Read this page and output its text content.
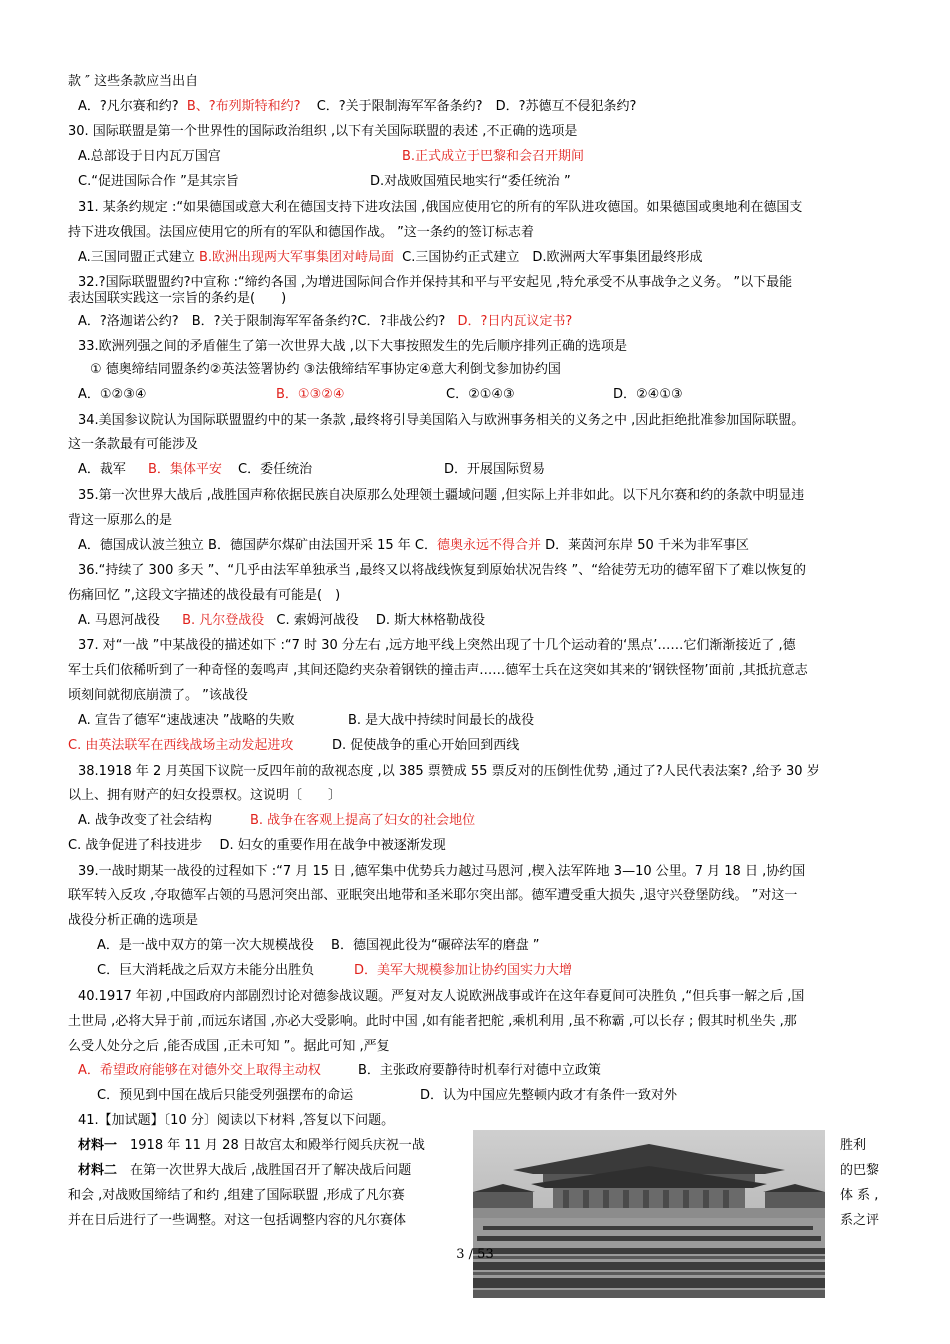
款 ″ 这些条款应当出自
A．?凡尔赛和约? B、?布列斯特和约? C．?关于限制海军军备条约?　D．?苏德互不侵犯条约?
30. 国际联盟是第一个世界性的国际政治组织 ,以下有关国际联盟的表述 ,不正确的选项是
A.总部设于日内瓦万国宫	B.正式成立于巴黎和会召开期间
C.“促进国际合作 ”是其宗旨	D.对战败国殖民地实行“委任统治 ”
31. 某条约规定 :“如果德国或意大利在德国支持下进攻法国 ,俄国应使用它的所有的军队进攻德国。如果德国或奥地利在德国支
持下进攻俄国。法国应使用它的所有的军队和德国作战。 ”这一条约的签订标志着
A.三国同盟正式建立 B.欧洲出现两大军事集团对峙局面 C.三国协约正式建立　D.欧洲两大军事集团最终形成
32.?国际联盟盟约?中宣称 :“缔约各国 ,为增进国际间合作并保持其和平与平安起见 ,特允承受不从事战争之义务。 ”以下最能
表达国联实践这一宗旨的条约是(　　)
A．?洛迦诺公约?　B．?关于限制海军军备条约?C．?非战公约? D．?日内瓦议定书?
33.欧洲列强之间的矛盾催生了第一次世界大战 ,以下大事按照发生的先后顺序排列正确的选项是
① 德奥缔结同盟条约②英法签署协约 ③法俄缔结军事协定④意大利倒戈参加协约国
A．①②③④	B．①③②④	C．②①④③	D．②④①③
34.美国参议院认为国际联盟盟约中的某一条款 ,最终将引导美国陷入与欧洲事务相关的义务之中 ,因此拒绝批准参加国际联盟。
这一条款最有可能涉及
A．裁军 B．集体平安 C．委任统治	D．开展国际贸易
35.第一次世界大战后 ,战胜国声称依据民族自决原那么处理领土疆域问题 ,但实际上并非如此。以下凡尔赛和约的条款中明显违
背这一原那么的是
A．德国成认波兰独立 B．德国萨尔煤矿由法国开采 15 年 C．德奥永远不得合并 D．莱茵河东岸 50 千米为非军事区
36.“持续了 300 多天 ”、“几乎由法军单独承当 ,最终又以将战线恢复到原始状况告终 ”、“给徒劳无功的德军留下了难以恢复的
伤痛回忆 ”,这段文字描述的战役最有可能是(　)
A. 马恩河战役 B. 凡尔登战役 C. 索姆河战役　 D. 斯大林格勒战役
37. 对“一战 ”中某战役的描述如下 :“7 时 30 分左右 ,远方地平线上突然出现了十几个运动着的‘黑点’……它们渐渐接近了 ,德
军士兵们依稀听到了一种奇怪的轰鸣声 ,其间还隐约夹杂着钢铁的撞击声……德军士兵在这突如其来的‘钢铁怪物’面前 ,其抵抗意志
顷刻间就彻底崩溃了。 ”该战役
A. 宣告了德军“速战速决 ”战略的失败	B. 是大战中持续时间最长的战役
C. 由英法联军在西线战场主动发起进攻	D. 促使战争的重心开始回到西线
38.1918 年 2 月英国下议院一反四年前的敌视态度 ,以 385 票赞成 55 票反对的压倒性优势 ,通过了?人民代表法案? ,给予 30 岁
以上、拥有财产的妇女投票权。这说明〔　　〕
A. 战争改变了社会结构	B. 战争在客观上提高了妇女的社会地位
C. 战争促进了科技进步　 D. 妇女的重要作用在战争中被逐渐发现
39.一战时期某一战役的过程如下 :“7 月 15 日 ,德军集中优势兵力越过马恩河 ,楔入法军阵地 3—10 公里。7 月 18 日 ,协约国
联军转入反攻 ,夺取德军占领的马恩河突出部、亚眠突出地带和圣米耶尔突出部。德军遭受重大损失 ,退守兴登堡防线。 ”对这一
战役分析正确的选项是
A．是一战中双方的第一次大规模战役　 B．德国视此役为“碾碎法军的磨盘 ”
C．巨大消耗战之后双方未能分出胜负	D．美军大规模参加让协约国实力大增
40.1917 年初 ,中国政府内部剧烈讨论对德参战议题。严复对友人说欧洲战事或许在这年春夏间可决胜负 ,“但兵事一解之后 ,国
土世局 ,必将大异于前 ,而远东诸国 ,亦必大受影响。此时中国 ,如有能者把舵 ,乘机利用 ,虽不称霸 ,可以长存 ; 假其时机坐失 ,那
么受人处分之后 ,能否成国 ,正未可知 ”。据此可知 ,严复
A．希望政府能够在对德外交上取得主动权	B．主张政府要静待时机奉行对德中立政策
C．预见到中国在战后只能受列强摆布的命运	D．认为中国应先整顿内政才有条件一致对外
41.【加试题】〔10 分〕阅读以下材料 ,答复以下问题。
材料一　1918 年 11 月 28 日故宫太和殿举行阅兵庆祝一战	胜利
材料二　在第一次世界大战后 ,战胜国召开了解决战后问题	的巴黎
和会 ,对战败国缔结了和约 ,组建了国际联盟 ,形成了凡尔赛	体 系 ,
并在日后进行了一些调整。对这一包括调整内容的凡尔赛体	系之评
3 / 53
